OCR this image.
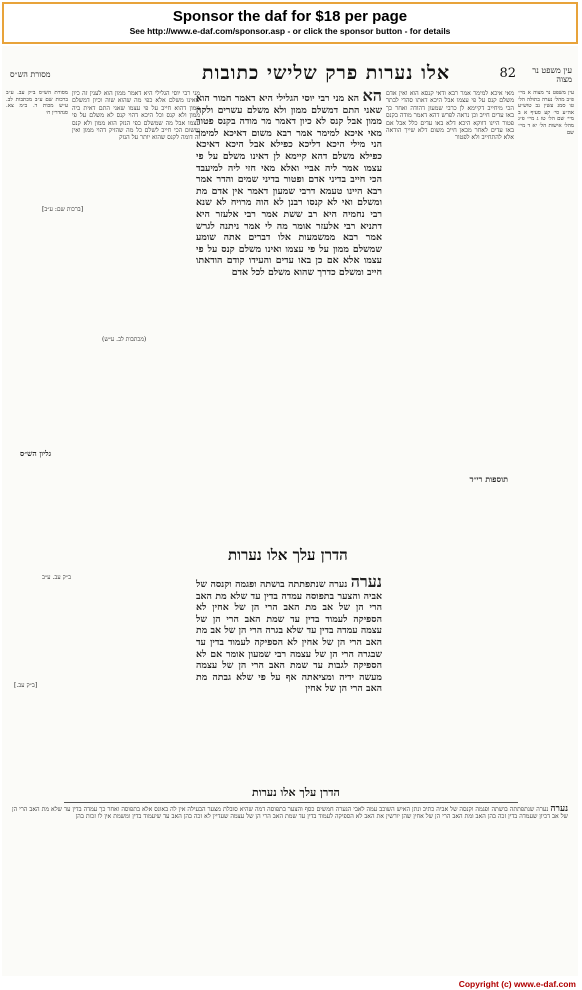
Sponsor the daf for $18 per page

See http://www.e-daf.com/sponsor.asp - or click the sponsor button - for details

מסורת הש״ס	אלו נערות פרק שלישי כתובות	82	עין משפט נר מצוה

עין משפט נר מצוה א מיי׳ פ״ב מהל׳ נערה בתולה הל׳ טו סמג עשין נב טוש״ע אה״ע סי׳ קע סעיף א ב מיי׳ שם הל׳ טז ג מיי׳ פ״ג מהל׳ אישות הל׳ יא ד מיי׳ שם

מאי איכא למימר אמר רבא ודאי קנסא הוא ואין אדם משלם קנס על פי עצמו אבל היכא דאתו סהדי לבתר הכי מיחייב דקיימא לן כרבי שמעון דהודה ואחר כך באו עדים חייב וכן נראה לפרש דהא דאמר מודה בקנס פטור היינו דווקא היכא דלא באו עדים כלל אבל אם באו עדים לאחר מכאן חייב משום דלא שייך הודאה אלא להתחייב ולא לפטור

תוספות רי״ד

הא הא מני רבי יוסי הגלילי היא דאמר חמור הוא שאני התם דמשלם ממון ולא משלם עשרים ולקה ממון אבל קנס לא כיון דאמר מר מודה בקנס פטור מאי איכא למימר אמר רבא משום דאיכא למימר הני מילי היכא דליכא כפילא אבל היכא דאיכא כפילא משלם דהא קיימא לן דאינו משלם על פי עצמו אמר ליה אביי ואלא מאי חזי ליה למיעבד הכי חייב בדיני אדם ופטור בדיני שמים והדר אמר רבא היינו טעמא דרבי שמעון דאמר אין אדם מת ומשלם ואי לא קנסו רבנן לא הוה מרויח לא שנא רבי נחמיה היא רב ששת אמר רבי אלעזר היא דתניא רבי אלעזר אומר מה לי אמר ניתנה לגרש אמר רבא ממשמעות אלו דברים אתה שומע שמשלם ממון על פי עצמו ואינו משלם קנס על פי עצמו אלא אם כן באו עדים והעידו קודם הודאתו חייב ומשלם כדרך שהוא משלם לכל אדם

הדרן עלך אלו נערות

נערה נערה שנתפתתה בושתה ופגמה וקנסה של אביה והצער בתפוסה עמדה בדין עד שלא מת האב הרי הן של אב מת האב הרי הן של אחין לא הספיקה לעמוד בדין עד שמת האב הרי הן של עצמה עמדה בדין עד שלא בגרה הרי הן של אב מת האב הרי הן של אחין לא הספיקה לעמוד בדין עד שבגרה הרי הן של עצמה רבי שמעון אומר אם לא הספיקה לגבות עד שמת האב הרי הן של עצמה מעשה ידיה ומציאתה אף על פי שלא גבתה מת האב הרי הן של אחין

מני רבי יוסי הגלילי היא דאמר ממון הוא לענין זה כיון שאינו משלם אלא כפי מה שהוא שוה וכיון דמשלם ממון דהוא חייב על פי עצמו שאני התם דאית ביה ממון ולא קנס וכל היכא דהוי קנס לא משלם על פי עצמו אבל מה שמשלם כפי הנזק הוא ממון ולא קנס ומשום הכי חייב לשלם כל מה שהזיק דהוי ממון ואין זה דומה לקנס שהוא יותר על הנזק

מסורת הש״ס ב״ק עב. ע״ב ברכות שם ע״ב מכתבות לב. ע״ש מכות ד. ב״מ צא. סנהדרין ח׳

[ברכות שם: ע״ב]
(מכתבות לב. ע״ש)
גליון הש״ס
ב״ק עב. ע״ב
הדרן עלך אלו נערות

נערה נערה שנתפתתה בושתה ופגמה וקנסה של אביה כתיב ונתן האיש השוכב עמה לאבי הנערה חמשים כסף והצער בתפוסה דמה שהיא סובלת מצער הבעילה אין לה באונס אלא בתפוסה ואחר כך עמדה בדין עד שלא מת האב הרי הן של אב דכיון שעמדה בדין זכה בהן האב ומת האב הרי הן של אחין שהן יורשין את האב לא הספיקה לעמוד בדין עד שמת האב הרי הן של עצמה שעדיין לא זכה בהן האב עד שיעמוד בדין ומשמת אין לו זכות בהן

[ב״ק עב.]
Copyright (c) www.e-daf.com
